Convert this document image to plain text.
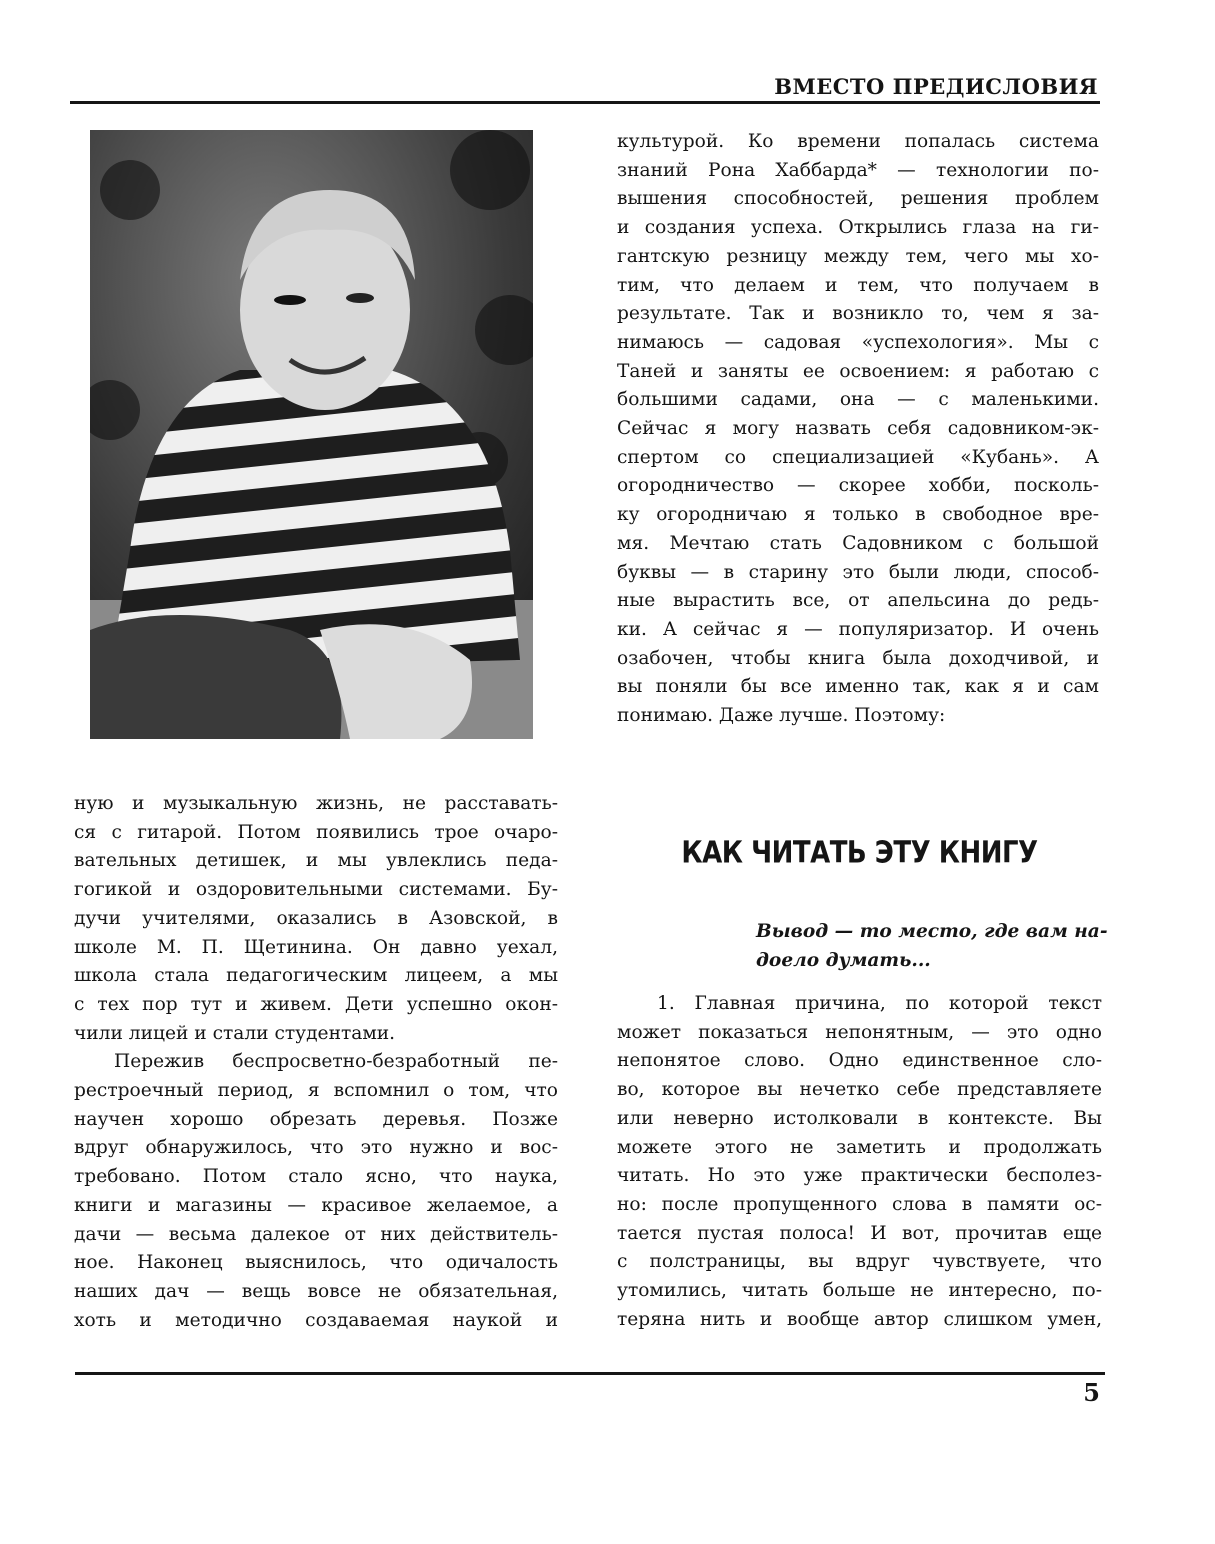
ВМЕСТО ПРЕДИСЛОВИЯ
культурой. Ко времени попалась система
знаний Рона Хаббарда* — технологии по-
вышения способностей, решения проблем
и создания успеха. Открылись глаза на ги-
гантскую резницу между тем, чего мы хо-
тим, что делаем и тем, что получаем в
результате. Так и возникло то, чем я за-
нимаюсь — садовая «успехология». Мы с
Таней и заняты ее освоением: я работаю с
большими садами, она — с маленькими.
Сейчас я могу назвать себя садовником-эк-
спертом со специализацией «Кубань». А
огородничество — скорее хобби, посколь-
ку огородничаю я только в свободное вре-
мя. Мечтаю стать Садовником с большой
буквы — в старину это были люди, способ-
ные вырастить все, от апельсина до редь-
ки. А сейчас я — популяризатор. И очень
озабочен, чтобы книга была доходчивой, и
вы поняли бы все именно так, как я и сам
понимаю. Даже лучше. Поэтому:
ную и музыкальную жизнь, не расставать-
ся с гитарой. Потом появились трое очаро-
вательных детишек, и мы увлеклись педа-
гогикой и оздоровительными системами. Бу-
дучи учителями, оказались в Азовской, в
школе М. П. Щетинина. Он давно уехал,
школа стала педагогическим лицеем, а мы
с тех пор тут и живем. Дети успешно окон-
чили лицей и стали студентами.
Пережив беспросветно-безработный пе-
рестроечный период, я вспомнил о том, что
научен хорошо обрезать деревья. Позже
вдруг обнаружилось, что это нужно и вос-
требовано. Потом стало ясно, что наука,
книги и магазины — красивое желаемое, а
дачи — весьма далекое от них действитель-
ное. Наконец выяснилось, что одичалость
наших дач — вещь вовсе не обязательная,
хоть и методично создаваемая наукой и
КАК ЧИТАТЬ ЭТУ КНИГУ
Вывод — то место, где вам на-
доело думать...
1. Главная причина, по которой текст
может показаться непонятным, — это одно
непонятое слово. Одно единственное сло-
во, которое вы нечетко себе представляете
или неверно истолковали в контексте. Вы
можете этого не заметить и продолжать
читать. Но это уже практически бесполез-
но: после пропущенного слова в памяти ос-
тается пустая полоса! И вот, прочитав еще
с полстраницы, вы вдруг чувствуете, что
утомились, читать больше не интересно, по-
теряна нить и вообще автор слишком умен,
5
